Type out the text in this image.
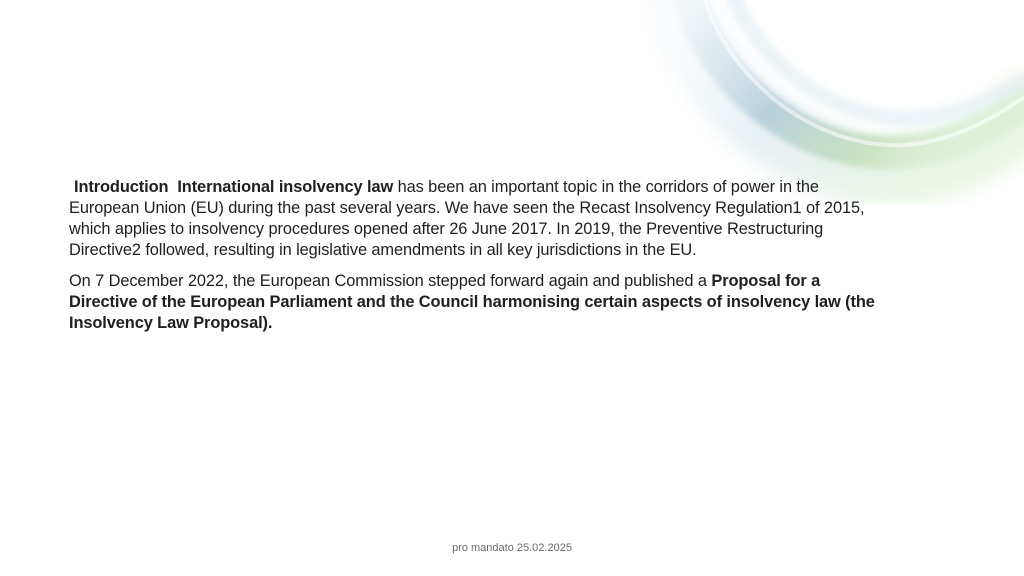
Introduction International insolvency law has been an important topic in the corridors of power in the European Union (EU) during the past several years. We have seen the Recast Insolvency Regulation1 of 2015, which applies to insolvency procedures opened after 26 June 2017. In 2019, the Preventive Restructuring Directive2 followed, resulting in legislative amendments in all key jurisdictions in the EU.

On 7 December 2022, the European Commission stepped forward again and published a Proposal for a Directive of the European Parliament and the Council harmonising certain aspects of insolvency law (the Insolvency Law Proposal).

pro mandato 25.02.2025
